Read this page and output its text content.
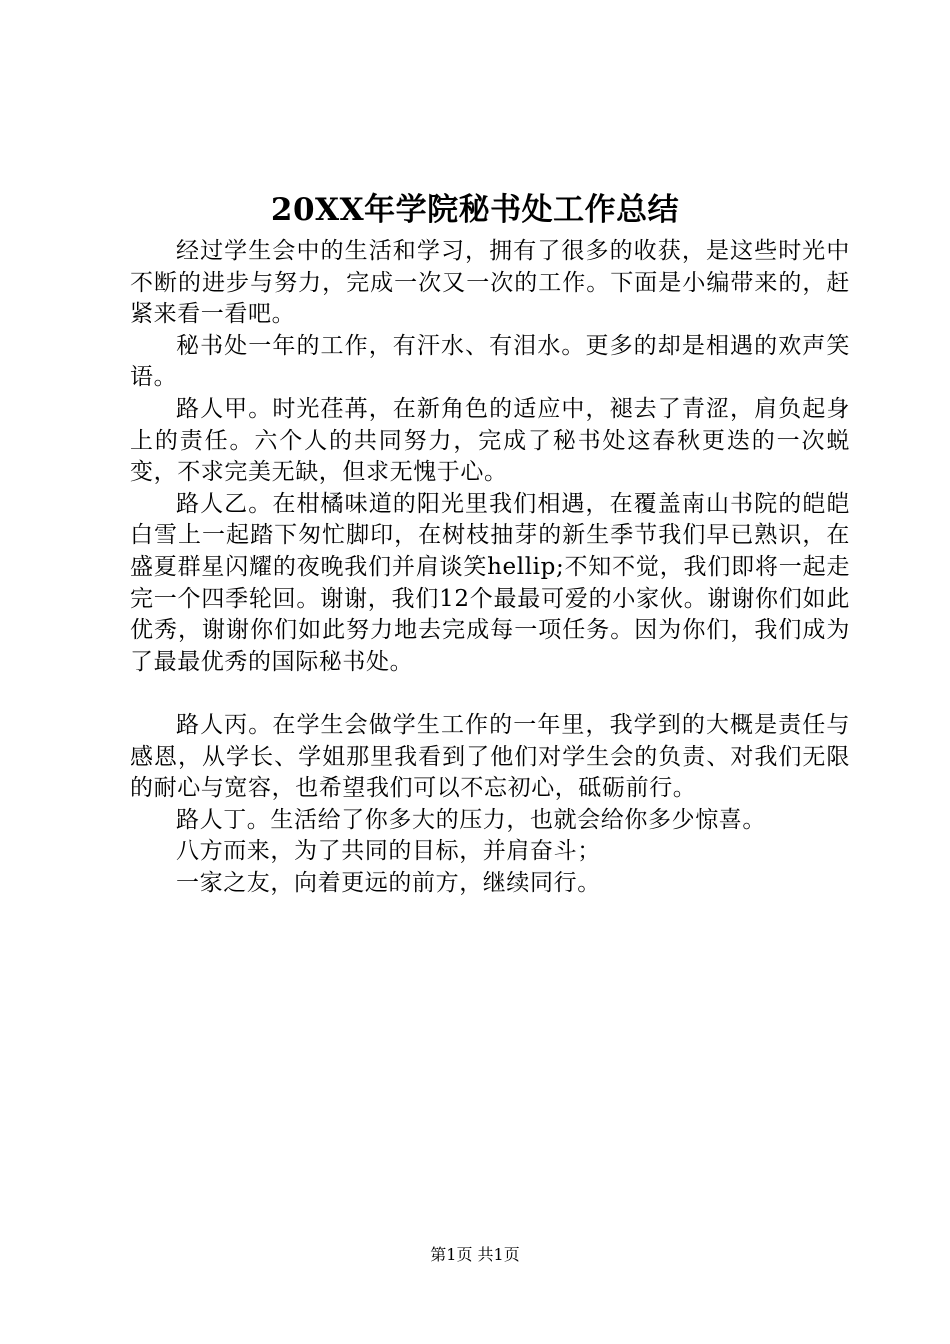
20XX年学院秘书处工作总结

经过学生会中的生活和学习，拥有了很多的收获，是这些时光中不断的进步与努力，完成一次又一次的工作。下面是小编带来的，赶紧来看一看吧。

秘书处一年的工作，有汗水、有泪水。更多的却是相遇的欢声笑语。

路人甲。时光荏苒，在新角色的适应中，褪去了青涩，肩负起身上的责任。六个人的共同努力，完成了秘书处这春秋更迭的一次蜕变，不求完美无缺，但求无愧于心。

路人乙。在柑橘味道的阳光里我们相遇，在覆盖南山书院的皑皑白雪上一起踏下匆忙脚印，在树枝抽芽的新生季节我们早已熟识，在盛夏群星闪耀的夜晚我们并肩谈笑hellip;不知不觉，我们即将一起走完一个四季轮回。谢谢，我们12个最最可爱的小家伙。谢谢你们如此优秀，谢谢你们如此努力地去完成每一项任务。因为你们，我们成为了最最优秀的国际秘书处。

路人丙。在学生会做学生工作的一年里，我学到的大概是责任与感恩，从学长、学姐那里我看到了他们对学生会的负责、对我们无限的耐心与宽容，也希望我们可以不忘初心，砥砺前行。

路人丁。生活给了你多大的压力，也就会给你多少惊喜。

八方而来，为了共同的目标，并肩奋斗；

一家之友，向着更远的前方，继续同行。

第1页 共1页
